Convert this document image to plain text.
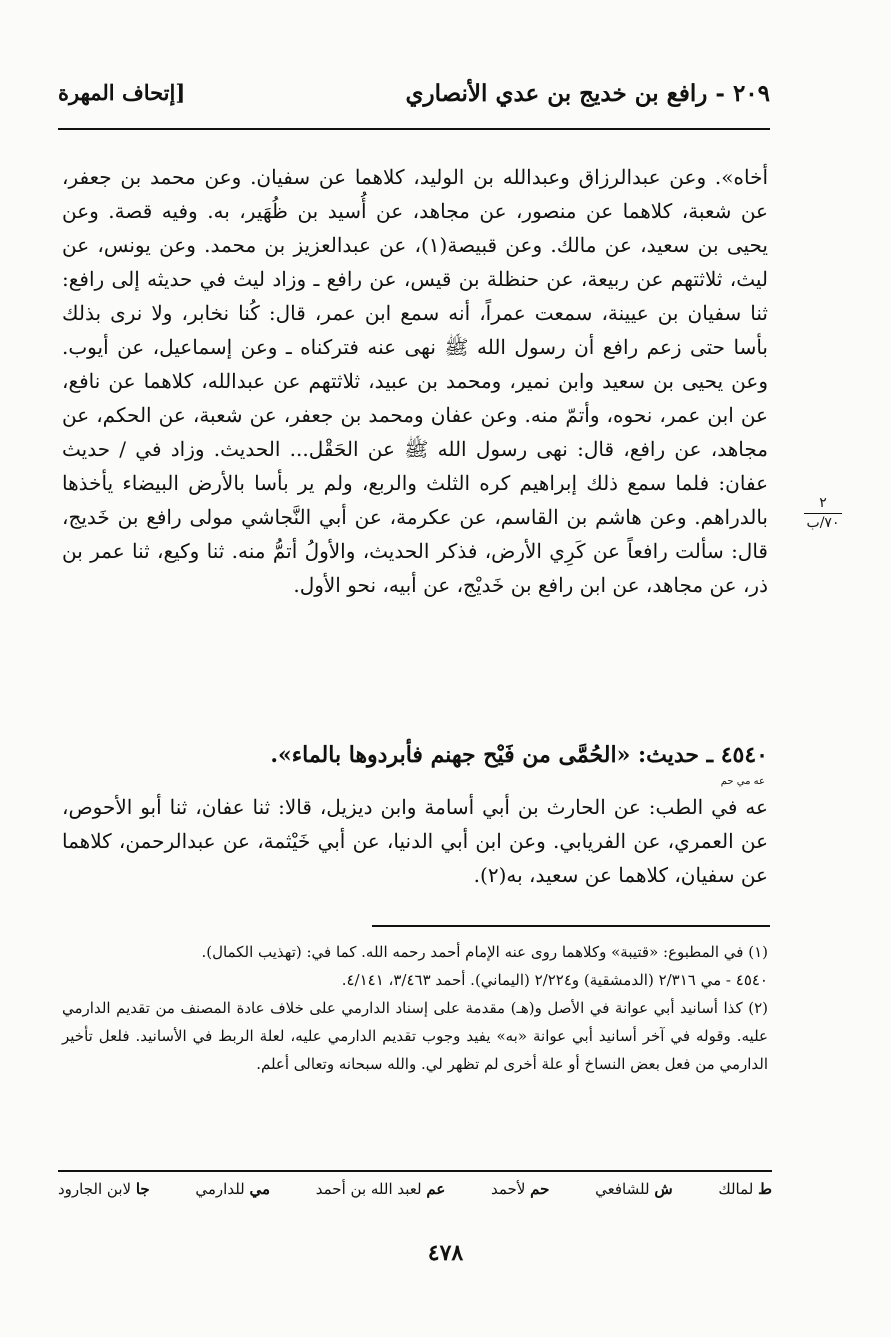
٢٠٩ - رافع بن خديج بن عدي الأنصاري
[إتحاف المهرة
أخاه». وعن عبدالرزاق وعبدالله بن الوليد، كلاهما عن سفيان. وعن محمد بن جعفر، عن شعبة، كلاهما عن منصور، عن مجاهد، عن أُسيد بن ظُهَير، به. وفيه قصة. وعن يحيى بن سعيد، عن مالك. وعن قبيصة(١)، عن عبدالعزيز بن محمد. وعن يونس، عن ليث، ثلاثتهم عن ربيعة، عن حنظلة بن قيس، عن رافع ـ وزاد ليث في حديثه إلى رافع: ثنا سفيان بن عيينة، سمعت عمراً، أنه سمع ابن عمر، قال: كُنا نخابر، ولا نرى بذلك بأسا حتى زعم رافع أن رسول الله ﷺ نهى عنه فتركناه ـ وعن إسماعيل، عن أيوب. وعن يحيى بن سعيد وابن نمير، ومحمد بن عبيد، ثلاثتهم عن عبدالله، كلاهما عن نافع، عن ابن عمر، نحوه، وأتمّ منه. وعن عفان ومحمد بن جعفر، عن شعبة، عن الحكم، عن مجاهد، عن رافع، قال: نهى رسول الله ﷺ عن الحَقْل... الحديث. وزاد في / حديث عفان: فلما سمع ذلك إبراهيم كره الثلث والربع، ولم ير بأسا بالأرض البيضاء يأخذها بالدراهم. وعن هاشم بن القاسم، عن عكرمة، عن أبي النَّجاشي مولى رافع بن خَديج، قال: سألت رافعاً عن كَرِي الأرض، فذكر الحديث، والأولُ أتمُّ منه. ثنا وكيع، ثنا عمر بن ذر، عن مجاهد، عن ابن رافع بن خَديْج، عن أبيه، نحو الأول.
٢
٧٠/ب
٤٥٤٠ ـ حديث: «الحُمَّى من فَيْح جهنم فأبردوها بالماء».
عه مي حم
عه في الطب: عن الحارث بن أبي أسامة وابن ديزيل، قالا: ثنا عفان، ثنا أبو الأحوص، عن العمري، عن الفريابي. وعن ابن أبي الدنيا، عن أبي خَيْثمة، عن عبدالرحمن، كلاهما عن سفيان، كلاهما عن سعيد، به(٢).

(١) في المطبوع: «قتيبة» وكلاهما روى عنه الإمام أحمد رحمه الله. كما في: (تهذيب الكمال).

٤٥٤٠ - مي ٢/٣١٦ (الدمشقية) و٢/٢٢٤ (اليماني). أحمد ٣/٤٦٣، ٤/١٤١.

(٢) كذا أسانيد أبي عوانة في الأصل و(هـ) مقدمة على إسناد الدارمي على خلاف عادة المصنف من تقديم الدارمي عليه. وقوله في آخر أسانيد أبي عوانة «به» يفيد وجوب تقديم الدارمي عليه، لعلة الربط في الأسانيد. فلعل تأخير الدارمي من فعل بعض النساخ أو علة أخرى لم تظهر لي. والله سبحانه وتعالى أعلم.

ط لمالك
ش للشافعي
حم لأحمد
عم لعبد الله بن أحمد
مي للدارمي
جا لابن الجارود
٤٧٨
